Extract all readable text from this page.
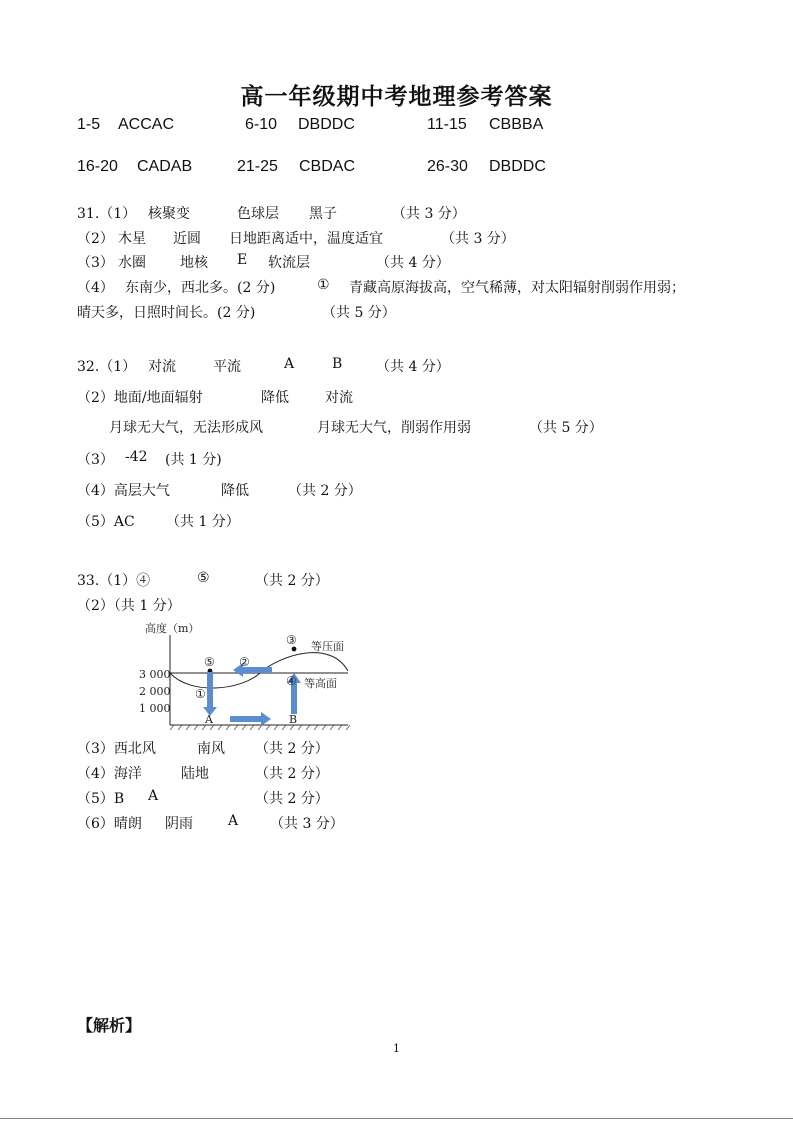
高一年级期中考地理参考答案
1-5 ACCAC	6-10 DBDDC	11-15 CBBBA
16-20 CADAB	21-25 CBDAC	26-30 DBDDC
31.（1） 核聚变	色球层 黑子	（共 3 分）
（2） 木星 近圆 日地距离适中，温度适宜	（共 3 分）
（3） 水圈 地核 E 软流层	（共 4 分）
（4） 东南少，西北多。(2 分)	① 青藏高原海拔高，空气稀薄，对太阳辐射削弱作用弱；
晴天多，日照时间长。(2 分)	（共 5 分）
32.（1） 对流	平流	A	B （共 4 分）
（2）地面/地面辐射	降低	对流
月球无大气，无法形成风	月球无大气，削弱作用弱	（共 5 分）
（3） -42 (共 1 分)
（4）高层大气	降低	（共 2 分）
（5）AC （共 1 分）
33.（1）④	⑤	（共 2 分）
（2）（共 1 分）
高度（m）
3 000
2 000
1 000
①
②
③
④
⑤
等压面
等高面
A	B
（3）西北风	南风 （共 2 分）
（4）海洋	陆地	（共 2 分）
（5）B A	（共 2 分）
（6）晴朗 阴雨	A （共 3 分）
【解析】
1
